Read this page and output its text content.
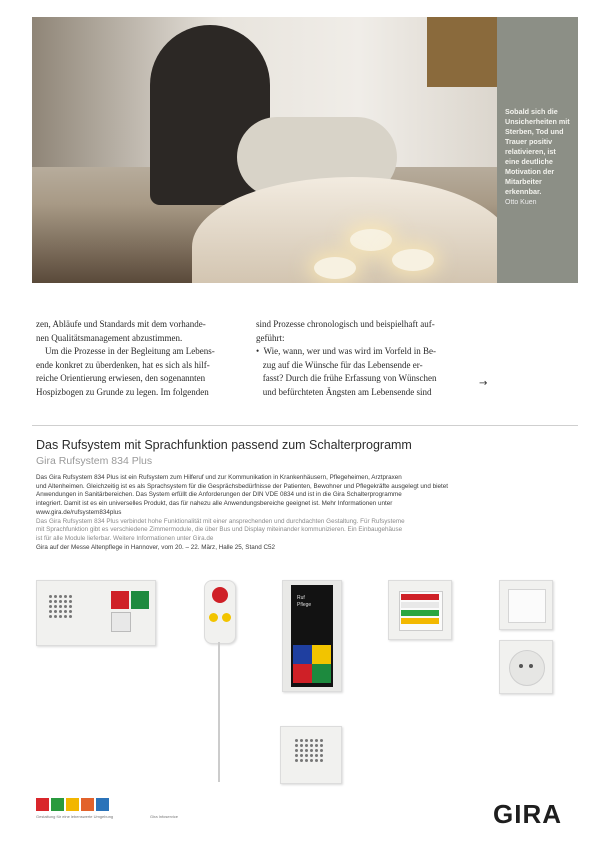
Sobald sich die Unsicherheiten mit Sterben, Tod und Trauer positiv relativieren, ist eine deutliche Motivation der Mitarbeiter erkennbar.

Otto Kuen

zen, Abläufe und Standards mit dem vorhande-

nen Qualitätsmanagement abzustimmen.

Um die Prozesse in der Begleitung am Lebens-

ende konkret zu überdenken, hat es sich als hilf-

reiche Orientierung erwiesen, den sogenannten

Hospizbogen zu Grunde zu legen. Im folgenden

sind Prozesse chronologisch und beispielhaft auf-

geführt:

•  Wie, wann, wer und was wird im Vorfeld in Be-

zug auf die Wünsche für das Lebensende er-

fasst? Durch die frühe Erfassung von Wünschen

und befürchteten Ängsten am Lebensende sind

→
Das Rufsystem mit Sprachfunktion passend zum Schalterprogramm
Gira Rufsystem 834 Plus

Das Gira Rufsystem 834 Plus ist ein Rufsystem zum Hilferuf und zur Kommunikation in Krankenhäusern, Pflegeheimen, Arztpraxen

und Altenheimen. Gleichzeitig ist es als Sprachsystem für die Gesprächsbedürfnisse der Patienten, Bewohner und Pflegekräfte ausgelegt und bietet

Anwendungen in Sanitärbereichen. Das System erfüllt die Anforderungen der DIN VDE 0834 und ist in die Gira Schalterprogramme

integriert. Damit ist es ein universelles Produkt, das für nahezu alle Anwendungsbereiche geeignet ist. Mehr Informationen unter

www.gira.de/rufsystem834plus

Das Gira Rufsystem 834 Plus verbindet hohe Funktionalität mit einer ansprechenden und durchdachten Gestaltung. Für Rufsysteme

mit Sprachfunktion gibt es verschiedene Zimmermodule, die über Bus und Display miteinander kommunizieren. Ein Einbaugehäuse

ist für alle Module lieferbar. Weitere Informationen unter Gira.de

Gira auf der Messe Altenpflege in Hannover, vom 20. – 22. März, Halle 25, Stand C52

Ruf
Pflege
Gestaltung für eine lebenswerte Umgebung	Gira Infoservice	GIRA
